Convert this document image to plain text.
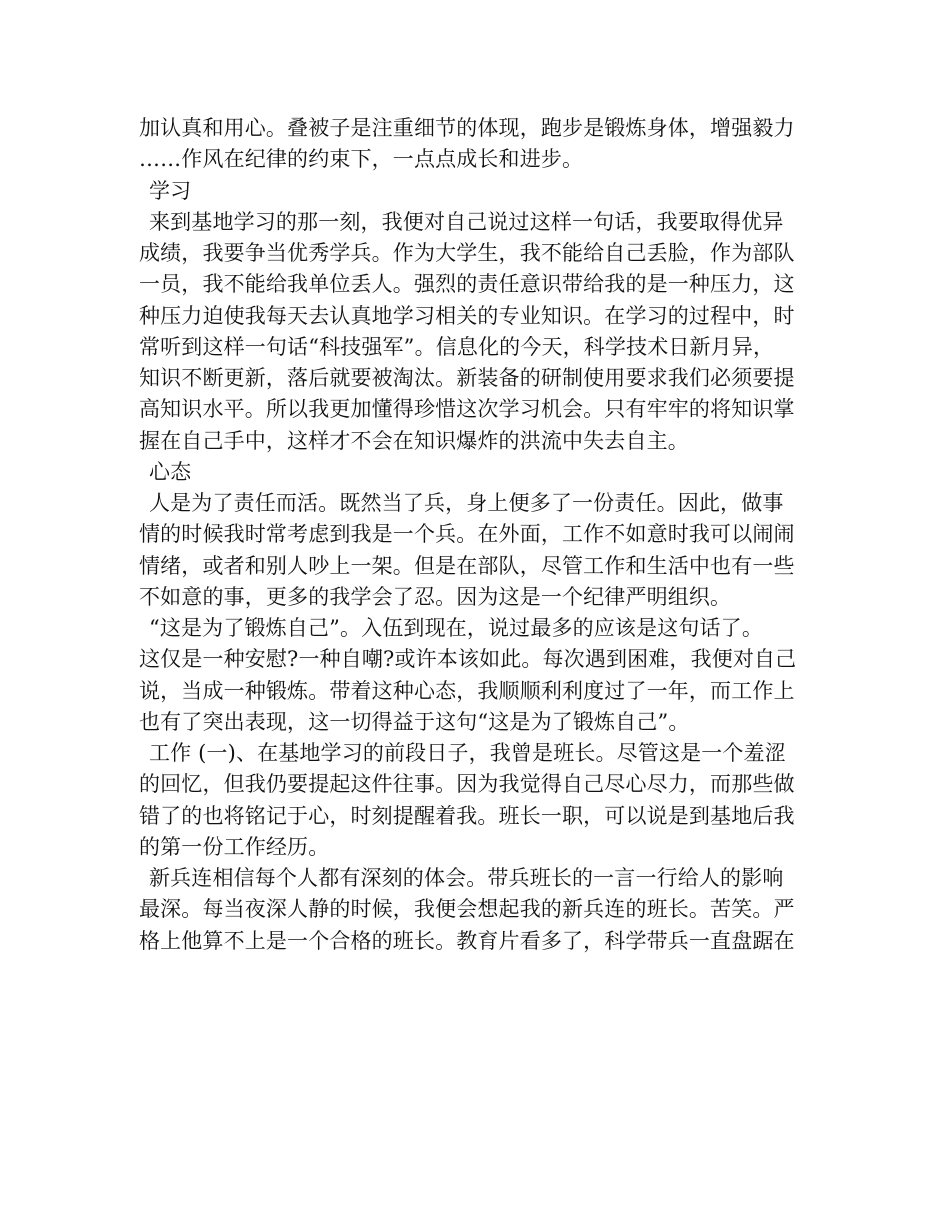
加认真和用心。叠被子是注重细节的体现，跑步是锻炼身体，增强毅力
……作风在纪律的约束下，一点点成长和进步。
学习
来到基地学习的那一刻，我便对自己说过这样一句话，我要取得优异
成绩，我要争当优秀学兵。作为大学生，我不能给自己丢脸，作为部队
一员，我不能给我单位丢人。强烈的责任意识带给我的是一种压力，这
种压力迫使我每天去认真地学习相关的专业知识。在学习的过程中，时
常听到这样一句话“科技强军”。信息化的今天，科学技术日新月异，
知识不断更新，落后就要被淘汰。新装备的研制使用要求我们必须要提
高知识水平。所以我更加懂得珍惜这次学习机会。只有牢牢的将知识掌
握在自己手中，这样才不会在知识爆炸的洪流中失去自主。
心态
人是为了责任而活。既然当了兵，身上便多了一份责任。因此，做事
情的时候我时常考虑到我是一个兵。在外面，工作不如意时我可以闹闹
情绪，或者和别人吵上一架。但是在部队，尽管工作和生活中也有一些
不如意的事，更多的我学会了忍。因为这是一个纪律严明组织。
“这是为了锻炼自己”。入伍到现在，说过最多的应该是这句话了。
这仅是一种安慰?一种自嘲?或许本该如此。每次遇到困难，我便对自己
说，当成一种锻炼。带着这种心态，我顺顺利利度过了一年，而工作上
也有了突出表现，这一切得益于这句“这是为了锻炼自己”。
工作 (一)、在基地学习的前段日子，我曾是班长。尽管这是一个羞涩
的回忆，但我仍要提起这件往事。因为我觉得自己尽心尽力，而那些做
错了的也将铭记于心，时刻提醒着我。班长一职，可以说是到基地后我
的第一份工作经历。
新兵连相信每个人都有深刻的体会。带兵班长的一言一行给人的影响
最深。每当夜深人静的时候，我便会想起我的新兵连的班长。苦笑。严
格上他算不上是一个合格的班长。教育片看多了，科学带兵一直盘踞在
